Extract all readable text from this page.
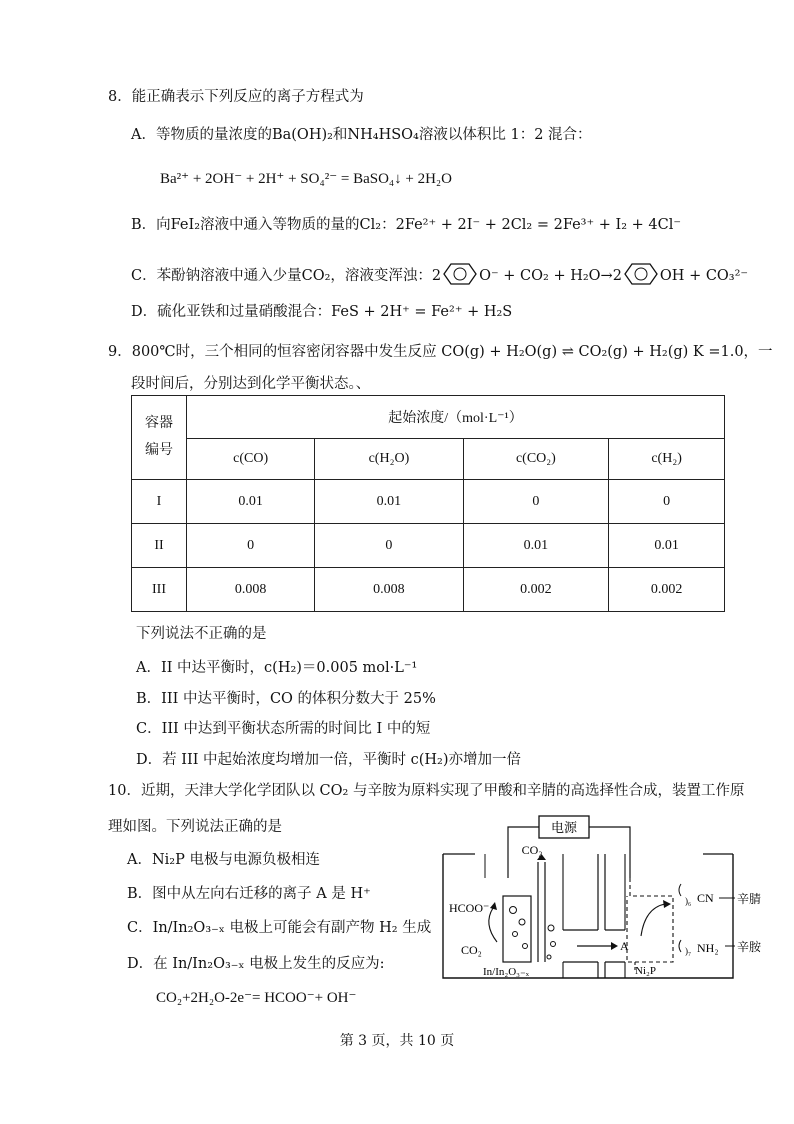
8．能正确表示下列反应的离子方程式为
A．等物质的量浓度的Ba(OH)₂和NH₄HSO₄溶液以体积比 1：2 混合：
Ba²⁺ + 2OH⁻ + 2H⁺ + SO₄²⁻ = BaSO₄↓ + 2H₂O
B．向FeI₂溶液中通入等物质的量的Cl₂：2Fe²⁺ + 2I⁻ + 2Cl₂ = 2Fe³⁺ + I₂ + 4Cl⁻
C．苯酚钠溶液中通入少量CO₂，溶液变浑浊：2	O⁻ + CO₂ + H₂O→2	OH + CO₃²⁻
D．硫化亚铁和过量硝酸混合：FeS + 2H⁺ = Fe²⁺ + H₂S
9．800℃时，三个相同的恒容密闭容器中发生反应 CO(g) + H₂O(g) ⇌ CO₂(g) + H₂(g) K =1.0，一
段时间后，分别达到化学平衡状态。、
容器
编号	起始浓度/（mol·L⁻¹）			
	c(CO)	c(H₂O)	c(CO₂)	c(H₂)
I	0.01	0.01	0	0
II	0	0	0.01	0.01
III	0.008	0.008	0.002	0.002
下列说法不正确的是
A．II 中达平衡时，c(H₂)＝0.005 mol·L⁻¹
B．III 中达平衡时，CO 的体积分数大于 25%
C．III 中达到平衡状态所需的时间比 I 中的短
D．若 III 中起始浓度均增加一倍，平衡时 c(H₂)亦增加一倍
10．近期，天津大学化学团队以 CO₂ 与辛胺为原料实现了甲酸和辛腈的高选择性合成，装置工作原
理如图。下列说法正确的是
A．Ni₂P 电极与电源负极相连
B．图中从左向右迁移的离子 A 是 H⁺
C．In/In₂O₃₋ₓ 电极上可能会有副产物 H₂ 生成
D．在 In/In₂O₃₋ₓ 电极上发生的反应为:
CO₂+2H₂O-2e⁻= HCOO⁻+ OH⁻
电源
CO₂
HCOO⁻
CO₂
In/In₂O₃₋ₓ
A
Ni₂P
)₆ CN 辛腈
)₇ NH₂ 辛胺
第 3 页，共 10 页
